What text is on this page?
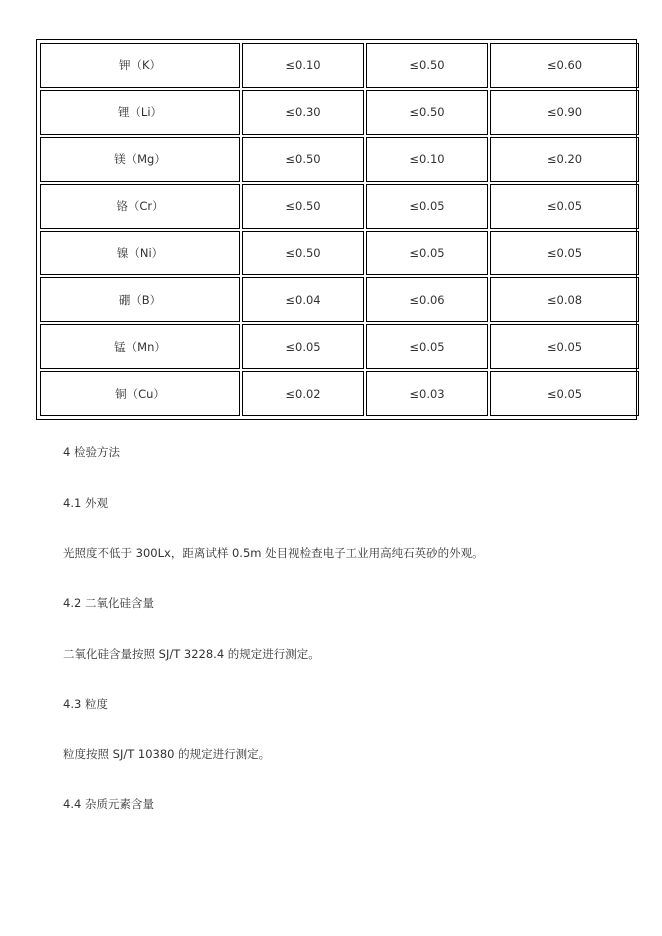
钾（K）	≤0.10	≤0.50	≤0.60
锂（Li）	≤0.30	≤0.50	≤0.90
镁（Mg）	≤0.50	≤0.10	≤0.20
铬（Cr）	≤0.50	≤0.05	≤0.05
镍（Ni）	≤0.50	≤0.05	≤0.05
硼（B）	≤0.04	≤0.06	≤0.08
锰（Mn）	≤0.05	≤0.05	≤0.05
铜（Cu）	≤0.02	≤0.03	≤0.05

4 检验方法

4.1 外观

光照度不低于 300Lx，距离试样 0.5m 处目视检查电子工业用高纯石英砂的外观。

4.2 二氧化硅含量

二氧化硅含量按照 SJ/T 3228.4 的规定进行测定。

4.3 粒度

粒度按照 SJ/T 10380 的规定进行测定。

4.4 杂质元素含量
